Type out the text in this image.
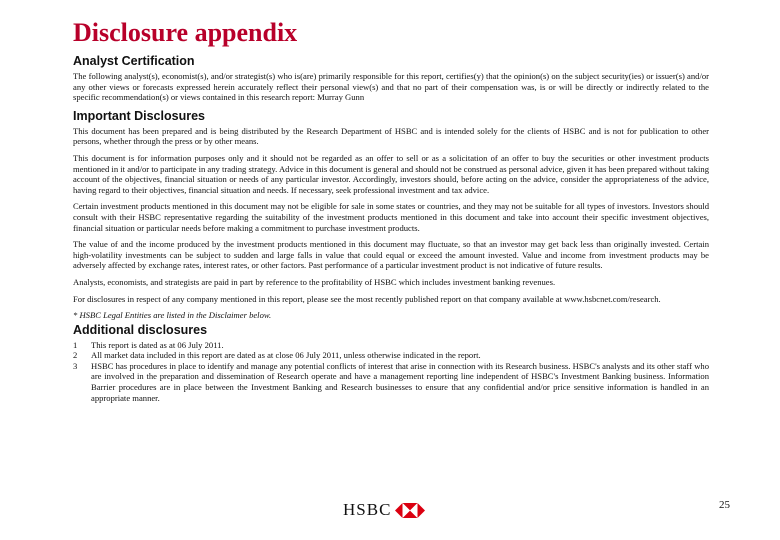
Disclosure appendix
Analyst Certification

The following analyst(s), economist(s), and/or strategist(s) who is(are) primarily responsible for this report, certifies(y) that the opinion(s) on the subject security(ies) or issuer(s) and/or any other views or forecasts expressed herein accurately reflect their personal view(s) and that no part of their compensation was, is or will be directly or indirectly related to the specific recommendation(s) or views contained in this research report: Murray Gunn

Important Disclosures

This document has been prepared and is being distributed by the Research Department of HSBC and is intended solely for the clients of HSBC and is not for publication to other persons, whether through the press or by other means.

This document is for information purposes only and it should not be regarded as an offer to sell or as a solicitation of an offer to buy the securities or other investment products mentioned in it and/or to participate in any trading strategy. Advice in this document is general and should not be construed as personal advice, given it has been prepared without taking account of the objectives, financial situation or needs of any particular investor. Accordingly, investors should, before acting on the advice, consider the appropriateness of the advice, having regard to their objectives, financial situation and needs. If necessary, seek professional investment and tax advice.

Certain investment products mentioned in this document may not be eligible for sale in some states or countries, and they may not be suitable for all types of investors. Investors should consult with their HSBC representative regarding the suitability of the investment products mentioned in this document and take into account their specific investment objectives, financial situation or particular needs before making a commitment to purchase investment products.

The value of and the income produced by the investment products mentioned in this document may fluctuate, so that an investor may get back less than originally invested. Certain high-volatility investments can be subject to sudden and large falls in value that could equal or exceed the amount invested. Value and income from investment products may be adversely affected by exchange rates, interest rates, or other factors. Past performance of a particular investment product is not indicative of future results.

Analysts, economists, and strategists are paid in part by reference to the profitability of HSBC which includes investment banking revenues.

For disclosures in respect of any company mentioned in this report, please see the most recently published report on that company available at www.hsbcnet.com/research.

* HSBC Legal Entities are listed in the Disclaimer below.

Additional disclosures
1	This report is dated as at 06 July 2011.
2	All market data included in this report are dated as at close 06 July 2011, unless otherwise indicated in the report.
3	HSBC has procedures in place to identify and manage any potential conflicts of interest that arise in connection with its Research business. HSBC's analysts and its other staff who are involved in the preparation and dissemination of Research operate and have a management reporting line independent of HSBC's Investment Banking business. Information Barrier procedures are in place between the Investment Banking and Research businesses to ensure that any confidential and/or price sensitive information is handled in an appropriate manner.
HSBC	25
